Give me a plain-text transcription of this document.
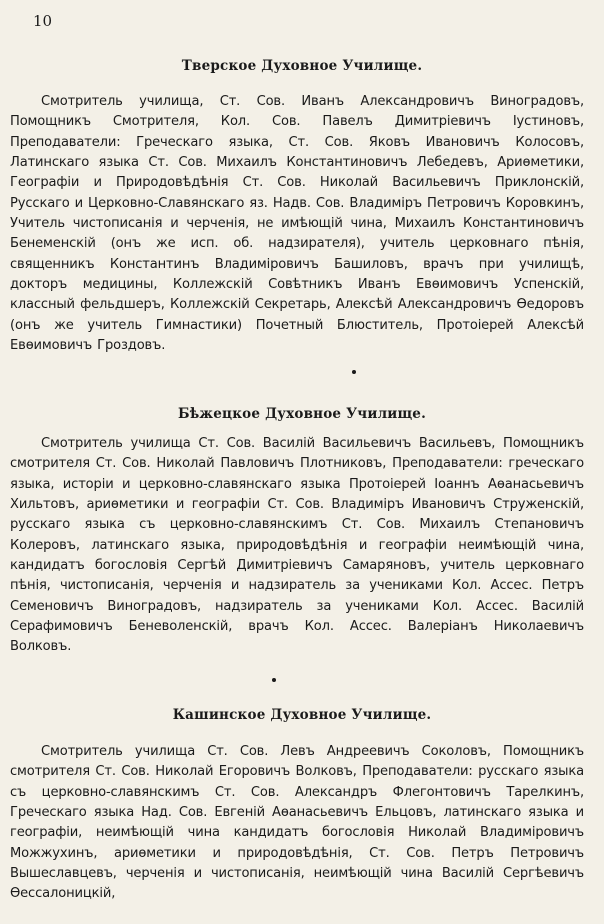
10
Тверское Духовное Училище.
Смотритель училища, Ст. Сов. Иванъ Александровичъ Виноградовъ, Помощникъ Смотрителя, Кол. Сов. Павелъ Димитрiевичъ Iустиновъ, Преподаватели: Греческаго языка, Ст. Сов. Яковъ Ивановичъ Колосовъ, Латинскаго языка Ст. Сов. Михаилъ Константиновичъ Лебедевъ, Ариѳметики, Географiи и Природовѣдѣнiя Ст. Сов. Николай Васильевичъ Приклонскiй, Русскаго и Церковно-Славянскаго яз. Надв. Сов. Владимiръ Петровичъ Коровкинъ, Учитель чистописанiя и черченiя, не имѣющiй чина, Михаилъ Константиновичъ Бенеменскiй (онъ же исп. об. надзирателя), учитель церковнаго пѣнiя, священникъ Константинъ Владимiровичъ Башиловъ, врачъ при училищѣ, докторъ медицины, Коллежскiй Совѣтникъ Иванъ Евѳимовичъ Успенскiй, классный фельдшеръ, Коллежскiй Секретарь, Алексѣй Александровичъ Ѳедоровъ (онъ же учитель Гимнастики) Почетный Блюститель, Протоiерей Алексѣй Евѳимовичъ Гроздовъ.
Бѣжецкое Духовное Училище.
Смотритель училища Ст. Сов. Василiй Васильевичъ Васильевъ, Помощникъ смотрителя Ст. Сов. Николай Павловичъ Плотниковъ, Преподаватели: греческаго языка, исторiи и церковно-славянскаго языка Протоiерей Iоаннъ Аѳанасьевичъ Хильтовъ, ариѳметики и географiи Ст. Сов. Владимiръ Ивановичъ Струженскiй, русскаго языка съ церковно-славянскимъ Ст. Сов. Михаилъ Степановичъ Колеровъ, латинскаго языка, природовѣдѣнiя и географiи неимѣющiй чина, кандидатъ богословiя Сергѣй Димитрiевичъ Самаряновъ, учитель церковнаго пѣнiя, чистописанiя, черченiя и надзиратель за учениками Кол. Ассес. Петръ Семеновичъ Виноградовъ, надзиратель за учениками Кол. Ассес. Василiй Серафимовичъ Беневоленскiй, врачъ Кол. Ассес. Валерiанъ Николаевичъ Волковъ.
Кашинское Духовное Училище.
Смотритель училища Ст. Сов. Левъ Андреевичъ Соколовъ, Помощникъ смотрителя Ст. Сов. Николай Егоровичъ Волковъ, Преподаватели: русскаго языка съ церковно-славянскимъ Ст. Сов. Александръ Флегонтовичъ Тарелкинъ, Греческаго языка Над. Сов. Евгенiй Аѳанасьевичъ Ельцовъ, латинскаго языка и географiи, неимѣющiй чина кандидатъ богословiя Николай Владимiровичъ Можжухинъ, ариѳметики и природовѣдѣнiя, Ст. Сов. Петръ Петровичъ Вышеславцевъ, черченiя и чистописанiя, неимѣющiй чина Василiй Сергѣевичъ Ѳессалоницкiй,
